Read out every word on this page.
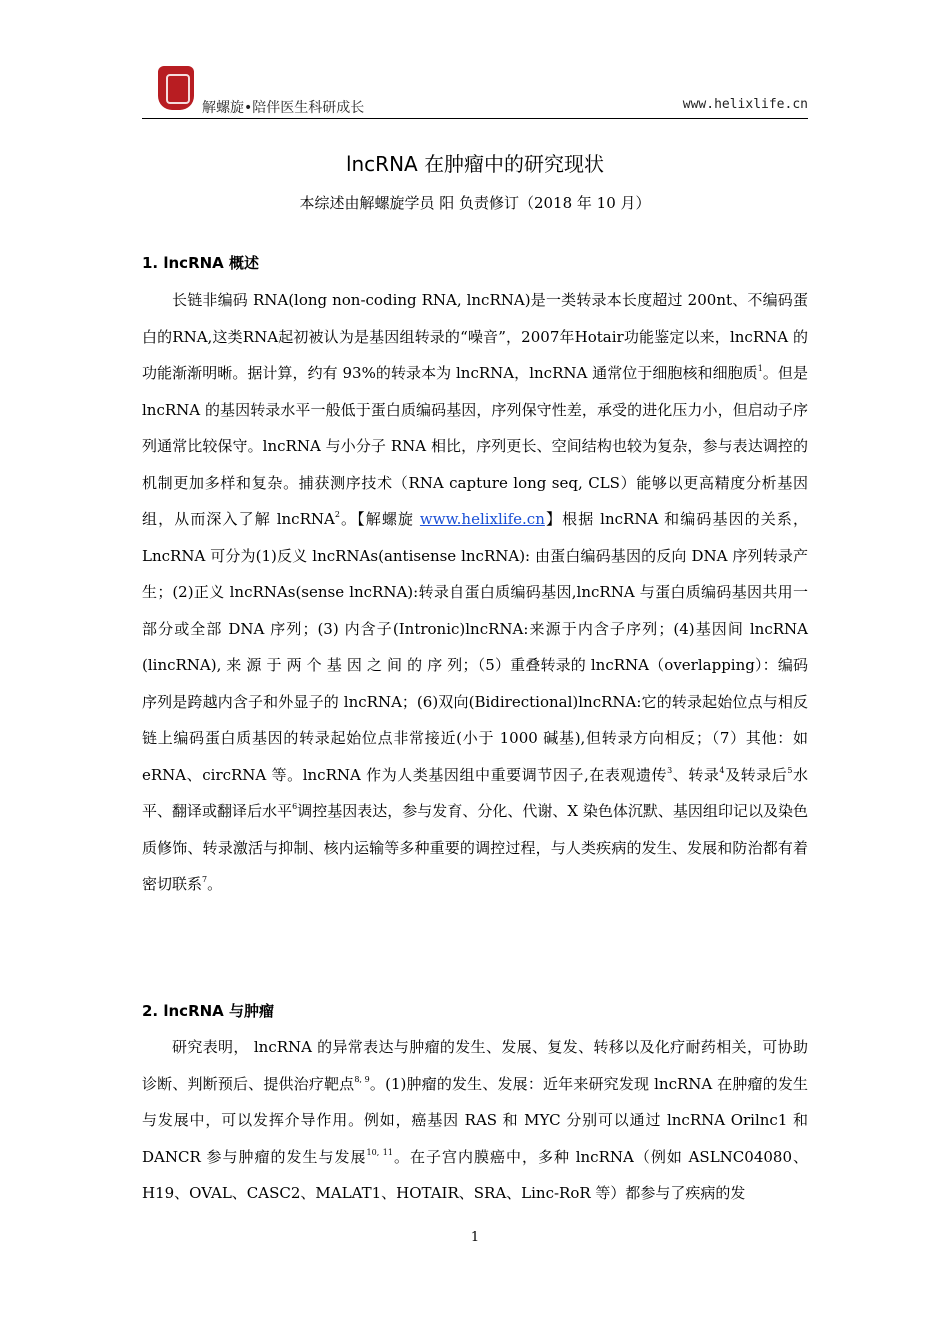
解螺旋•陪伴医生科研成长	www.helixlife.cn
lncRNA 在肿瘤中的研究现状
本综述由解螺旋学员 阳 负责修订（2018 年 10 月）
1. lncRNA 概述

长链非编码 RNA(long non-coding RNA, lncRNA)是一类转录本长度超过 200nt、不编码蛋白的RNA,这类RNA起初被认为是基因组转录的“噪音”，2007年Hotair功能鉴定以来，lncRNA 的功能渐渐明晰。据计算，约有 93%的转录本为 lncRNA，lncRNA 通常位于细胞核和细胞质$^1$。但是 lncRNA 的基因转录水平一般低于蛋白质编码基因，序列保守性差，承受的进化压力小，但启动子序列通常比较保守。lncRNA 与小分子 RNA 相比，序列更长、空间结构也较为复杂，参与表达调控的机制更加多样和复杂。捕获测序技术（RNA capture long seq, CLS）能够以更高精度分析基因组，从而深入了解 lncRNA$^2$。【解螺旋 www.helixlife.cn】根据 lncRNA 和编码基因的关系，LncRNA 可分为(1)反义 lncRNAs(antisense lncRNA): 由蛋白编码基因的反向 DNA 序列转录产生；(2)正义 lncRNAs(sense lncRNA):转录自蛋白质编码基因,lncRNA 与蛋白质编码基因共用一部分或全部 DNA 序列；(3) 内含子(Intronic)lncRNA:来源于内含子序列；(4)基因间 lncRNA (lincRNA), 来 源 于 两 个 基 因 之 间 的 序 列；（5）重叠转录的 lncRNA（overlapping）：编码序列是跨越内含子和外显子的 lncRNA；(6)双向(Bidirectional)lncRNA:它的转录起始位点与相反链上编码蛋白质基因的转录起始位点非常接近(小于 1000 碱基),但转录方向相反；（7）其他：如 eRNA、circRNA 等。lncRNA 作为人类基因组中重要调节因子,在表观遗传$^3$、转录$^4$及转录后$^5$水平、翻译或翻译后水平$^6$调控基因表达，参与发育、分化、代谢、X 染色体沉默、基因组印记以及染色质修饰、转录激活与抑制、核内运输等多种重要的调控过程，与人类疾病的发生、发展和防治都有着密切联系$^7$。

2. lncRNA 与肿瘤

研究表明， lncRNA 的异常表达与肿瘤的发生、发展、复发、转移以及化疗耐药相关，可协助诊断、判断预后、提供治疗靶点$^{8, 9}$。(1)肿瘤的发生、发展：近年来研究发现 lncRNA 在肿瘤的发生与发展中，可以发挥介导作用。例如，癌基因 RAS 和 MYC 分别可以通过 lncRNA Orilnc1 和 DANCR 参与肿瘤的发生与发展$^{10, 11}$。在子宫内膜癌中，多种 lncRNA（例如 ASLNC04080、H19、OVAL、CASC2、MALAT1、HOTAIR、SRA、Linc-RoR 等）都参与了疾病的发

1
